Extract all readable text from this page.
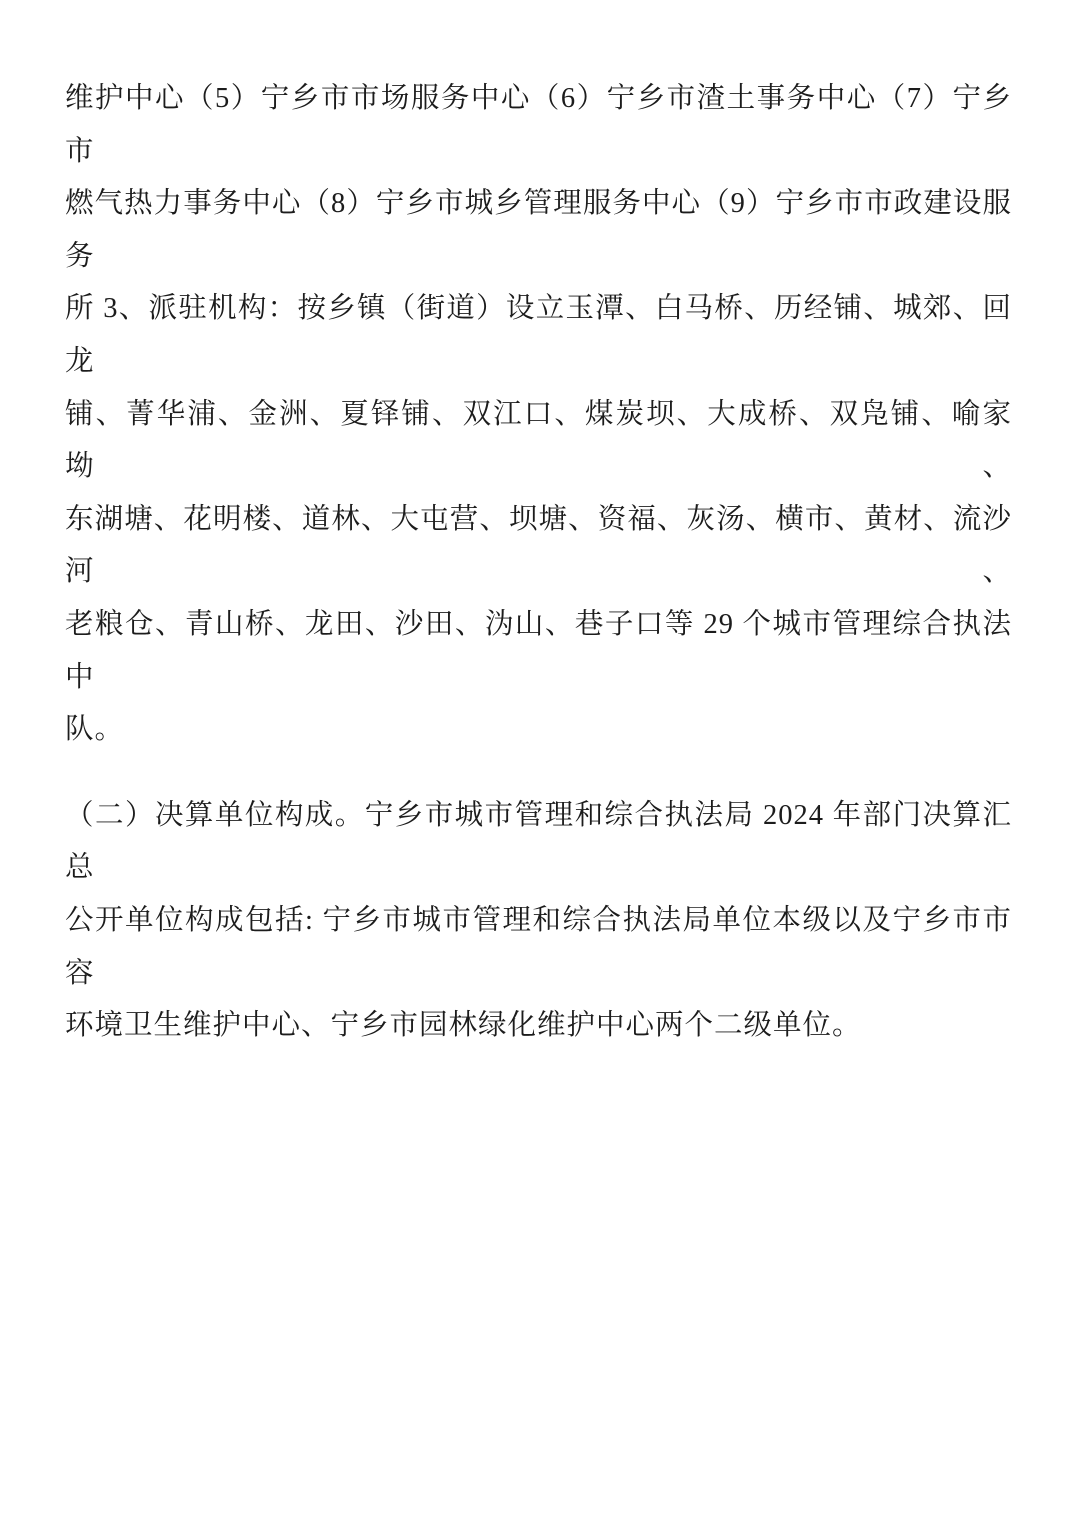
维护中心（5）宁乡市市场服务中心（6）宁乡市渣土事务中心（7）宁乡市
燃气热力事务中心（8）宁乡市城乡管理服务中心（9）宁乡市市政建设服务
所 3、派驻机构：按乡镇（街道）设立玉潭、白马桥、历经铺、城郊、回龙
铺、菁华浦、金洲、夏铎铺、双江口、煤炭坝、大成桥、双凫铺、喻家坳、
东湖塘、花明楼、道林、大屯营、坝塘、资福、灰汤、横市、黄材、流沙河、
老粮仓、青山桥、龙田、沙田、沩山、巷子口等 29 个城市管理综合执法中
队。
（二）决算单位构成。宁乡市城市管理和综合执法局 2024 年部门决算汇总
公开单位构成包括: 宁乡市城市管理和综合执法局单位本级以及宁乡市市容
环境卫生维护中心、宁乡市园林绿化维护中心两个二级单位。
